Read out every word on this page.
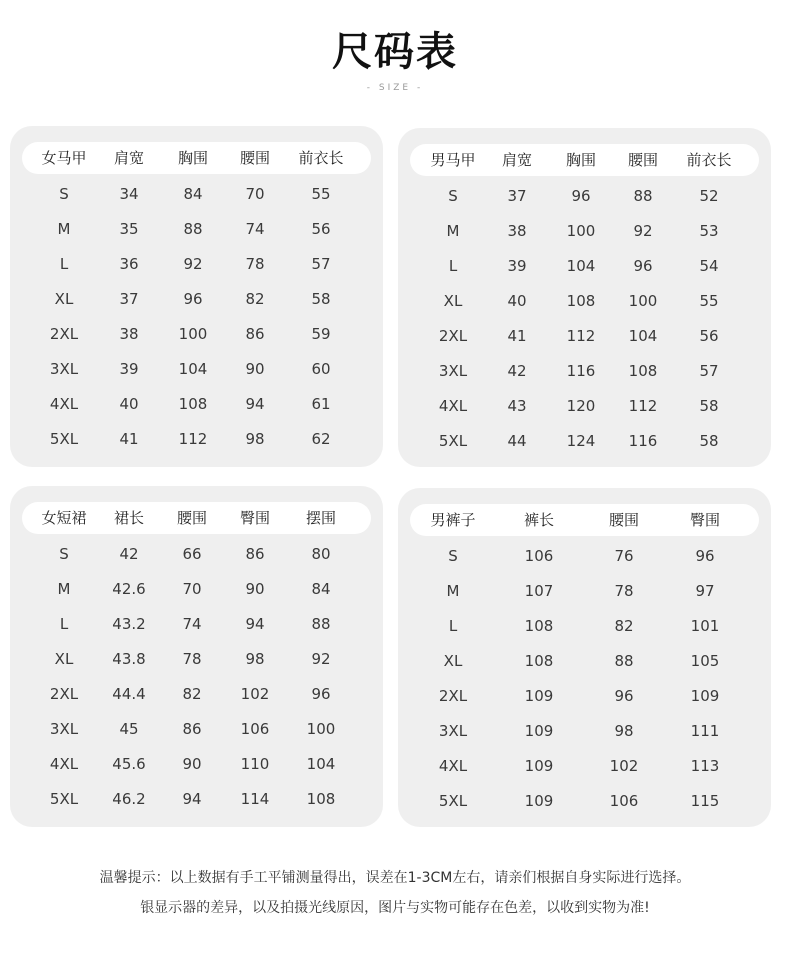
尺码表
- SIZE -
女马甲	肩宽	胸围	腰围	前衣长
S	34	84	70	55
M	35	88	74	56
L	36	92	78	57
XL	37	96	82	58
2XL	38	100	86	59
3XL	39	104	90	60
4XL	40	108	94	61
5XL	41	112	98	62
男马甲	肩宽	胸围	腰围	前衣长
S	37	96	88	52
M	38	100	92	53
L	39	104	96	54
XL	40	108	100	55
2XL	41	112	104	56
3XL	42	116	108	57
4XL	43	120	112	58
5XL	44	124	116	58
女短裙	裙长	腰围	臀围	摆围
S	42	66	86	80
M	42.6	70	90	84
L	43.2	74	94	88
XL	43.8	78	98	92
2XL	44.4	82	102	96
3XL	45	86	106	100
4XL	45.6	90	110	104
5XL	46.2	94	114	108
男裤子	裤长	腰围	臀围
S	106	76	96
M	107	78	97
L	108	82	101
XL	108	88	105
2XL	109	96	109
3XL	109	98	111
4XL	109	102	113
5XL	109	106	115
温馨提示：以上数据有手工平铺测量得出，误差在1-3CM左右，请亲们根据自身实际进行选择。
银显示器的差异，以及拍摄光线原因，图片与实物可能存在色差，以收到实物为准!
